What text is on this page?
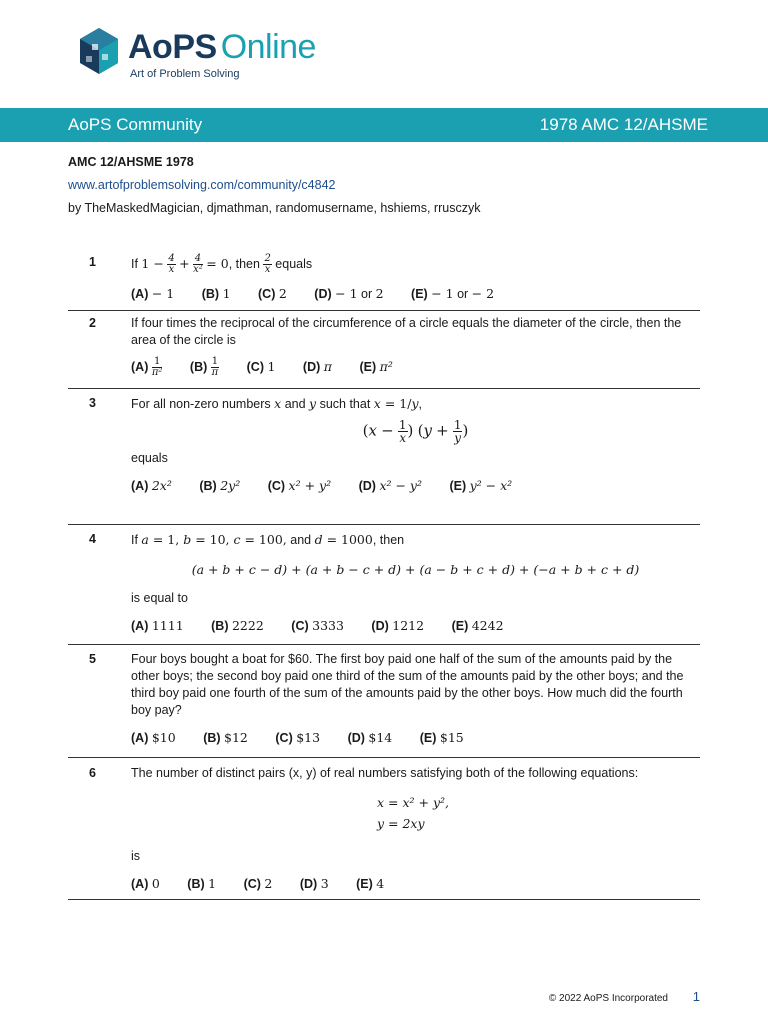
AoPS Online
Art of Problem Solving
AoPS Community	1978 AMC 12/AHSME
AMC 12/AHSME 1978
www.artofproblemsolving.com/community/c4842
by TheMaskedMagician, djmathman, randomusername, hshiems, rrusczyk
1	If $1 - \frac{4}{x} + \frac{4}{\text{x²}} = 0$, then $\frac{2}{x}$ equals
(A) − 1 (B) 1 (C) 2 (D) − 1 or 2 (E) − 1 or − 2
2	If four times the reciprocal of the circumference of a circle equals the diameter of the circle, then the area of the circle is
$(A) \frac{1}{\text{π²}} (B) \frac{1}{\pi} (C)$ 1 (D) π (E) π²
3	For all non-zero numbers x and y such that x = 1/y,
($x - \frac{1}{x}$ ) ($y + \frac{1}{y}$ )
equals
(A) 2x² (B) 2y² (C) x² + y² (D) x² − y² (E) y² − x²
4	If a = 1, b = 10, c = 100, and d = 1000, then
(a + b + c − d) + (a + b − c + d) + (a − b + c + d) + (−a + b + c + d)
is equal to
(A) 1111 (B) 2222 (C) 3333 (D) 1212 (E) 4242
5	Four boys bought a boat for $60. The first boy paid one half of the sum of the amounts paid by the other boys; the second boy paid one third of the sum of the amounts paid by the other boys; and the third boy paid one fourth of the sum of the amounts paid by the other boys. How much did the fourth boy pay?
(A) $10 (B) $12 (C) $13 (D) $14 (E) $15
6	The number of distinct pairs (x, y) of real numbers satisfying both of the following equations:
x = x² + y²,
y = 2xy
is
(A) 0 (B) 1 (C) 2 (D) 3 (E) 4
© 2022 AoPS Incorporated 1
